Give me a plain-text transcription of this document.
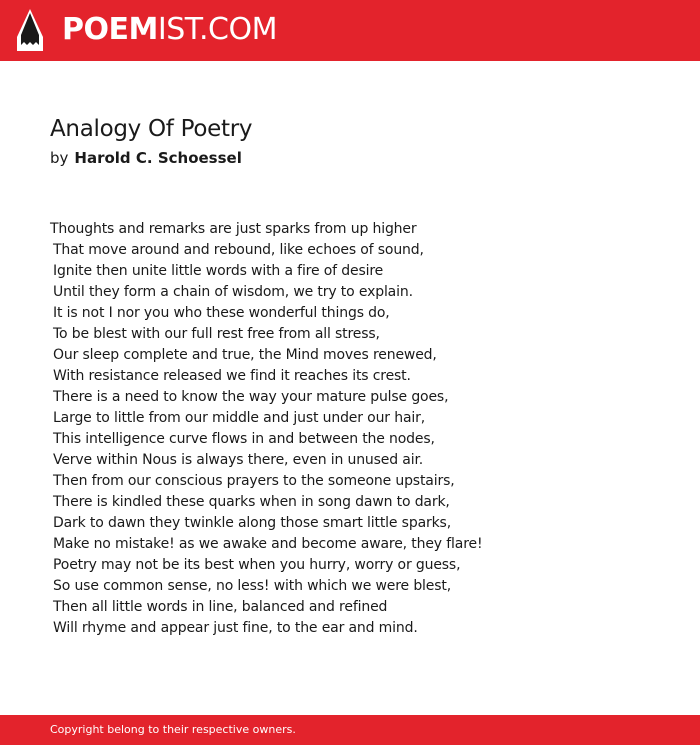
POEMIST.COM
Analogy Of Poetry
by Harold C. Schoessel
Thoughts and remarks are just sparks from up higher
That move around and rebound, like echoes of sound,
Ignite then unite little words with a fire of desire
Until they form a chain of wisdom, we try to explain.
It is not I nor you who these wonderful things do,
To be blest with our full rest free from all stress,
Our sleep complete and true, the Mind moves renewed,
With resistance released we find it reaches its crest.
There is a need to know the way your mature pulse goes,
Large to little from our middle and just under our hair,
This intelligence curve flows in and between the nodes,
Verve within Nous is always there, even in unused air.
Then from our conscious prayers to the someone upstairs,
There is kindled these quarks when in song dawn to dark,
Dark to dawn they twinkle along those smart little sparks,
Make no mistake! as we awake and become aware, they flare!
Poetry may not be its best when you hurry, worry or guess,
So use common sense, no less! with which we were blest,
Then all little words in line, balanced and refined
Will rhyme and appear just fine, to the ear and mind.
Copyright belong to their respective owners.
